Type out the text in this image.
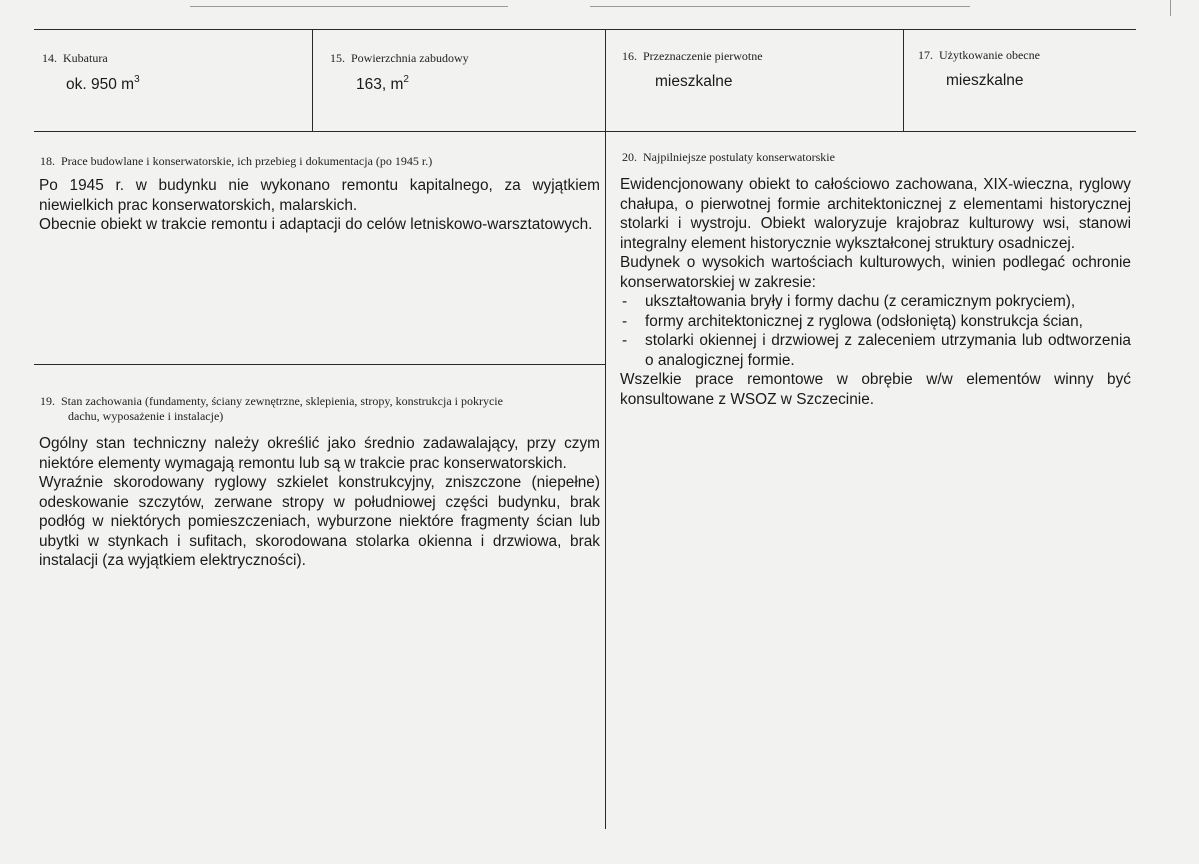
14. Kubatura
ok. 950 $m^3$
15. Powierzchnia zabudowy
163, $m^2$
16. Przeznaczenie pierwotne
mieszkalne
17. Użytkowanie obecne
mieszkalne
18. Prace budowlane i konserwatorskie, ich przebieg i dokumentacja (po 1945 r.)

Po 1945 r. w budynku nie wykonano remontu kapitalnego, za wyjątkiem niewielkich prac konserwatorskich, malarskich.

Obecnie obiekt w trakcie remontu i adaptacji do celów letniskowo-warsztatowych.

19. Stan zachowania (fundamenty, ściany zewnętrzne, sklepienia, stropy, konstrukcja i pokrycie
dachu, wyposażenie i instalacje)

Ogólny stan techniczny należy określić jako średnio zadawalający, przy czym niektóre elementy wymagają remontu lub są w trakcie prac konserwatorskich.

Wyraźnie skorodowany ryglowy szkielet konstrukcyjny, zniszczone (niepełne) odeskowanie szczytów, zerwane stropy w południowej części budynku, brak podłóg w niektórych pomieszczeniach, wyburzone niektóre fragmenty ścian lub ubytki w stynkach i sufitach, skorodowana stolarka okienna i drzwiowa, brak instalacji (za wyjątkiem elektryczności).

20. Najpilniejsze postulaty konserwatorskie

Ewidencjonowany obiekt to całościowo zachowana, XIX-wieczna, ryglowy chałupa, o pierwotnej formie architektonicznej z elementami historycznej stolarki i wystroju. Obiekt waloryzuje krajobraz kulturowy wsi, stanowi integralny element historycznie wykształconej struktury osadniczej.

Budynek o wysokich wartościach kulturowych, winien podlegać ochronie konserwatorskiej w zakresie:

- ukształtowania bryły i formy dachu (z ceramicznym pokryciem),
- formy architektonicznej z ryglowa (odsłoniętą) konstrukcja ścian,
- stolarki okiennej i drzwiowej z zaleceniem utrzymania lub odtworzenia o analogicznej formie.

Wszelkie prace remontowe w obrębie w/w elementów winny być konsultowane z WSOZ w Szczecinie.
